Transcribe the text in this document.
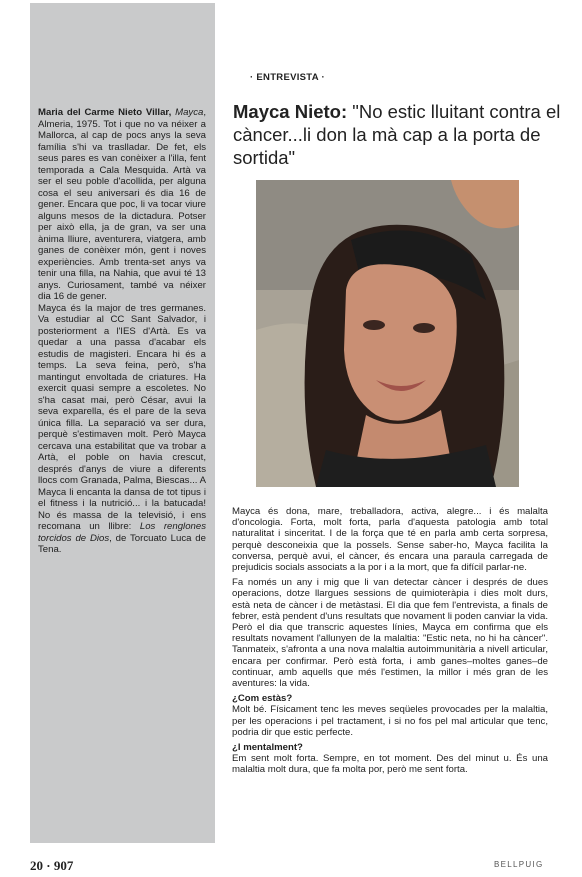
Maria del Carme Nieto Villar, Mayca, Almeria, 1975. Tot i que no va néixer a Mallorca, al cap de pocs anys la seva família s'hi va traslladar. De fet, els seus pares es van conèixer a l'illa, fent temporada a Cala Mesquida. Artà va ser el seu poble d'acollida, per alguna cosa el seu aniversari és dia 16 de gener. Encara que poc, li va tocar viure alguns mesos de la dictadura. Potser per això ella, ja de gran, va ser una ànima lliure, aventurera, viatgera, amb ganes de conèixer món, gent i noves experiències. Amb trenta-set anys va tenir una filla, na Nahia, que avui té 13 anys. Curiosament, també va néixer dia 16 de gener.

Mayca és la major de tres germanes. Va estudiar al CC Sant Salvador, i posteriorment a l'IES d'Artà. Es va quedar a una passa d'acabar els estudis de magisteri. Encara hi és a temps. La seva feina, però, s'ha mantingut envoltada de criatures. Ha exercit quasi sempre a escoletes. No s'ha casat mai, però César, avui la seva exparella, és el pare de la seva única filla. La separació va ser dura, perquè s'estimaven molt. Però Mayca cercava una estabilitat que va trobar a Artà, el poble on havia crescut, després d'anys de viure a diferents llocs com Granada, Palma, Biescas... A Mayca li encanta la dansa de tot tipus i el fitness i la nutrició... i la batucada! No és massa de la televisió, i ens recomana un llibre: Los renglones torcidos de Dios, de Torcuato Luca de Tena.

· ENTREVISTA ·
Mayca Nieto: "No estic lluitant contra el càncer...li don la mà cap a la porta de sortida"

Mayca és dona, mare, treballadora, activa, alegre... i és malalta d'oncologia. Forta, molt forta, parla d'aquesta patologia amb total naturalitat i sinceritat. I de la força que té en parla amb certa sorpresa, perquè desconeixia que la possels. Sense saber-ho, Mayca facilita la conversa, perquè avui, el càncer, és encara una paraula carregada de prejudicis socials associats a la por i a la mort, que fa difícil parlar-ne.

Fa només un any i mig que li van detectar càncer i després de dues operacions, dotze llargues sessions de quimioteràpia i dies molt durs, està neta de càncer i de metàstasi. El dia que fem l'entrevista, a finals de febrer, està pendent d'uns resultats que novament li poden canviar la vida. Però el dia que transcric aquestes línies, Mayca em confirma que els resultats novament l'allunyen de la malaltia: "Estic neta, no hi ha càncer". Tanmateix, s'afronta a una nova malaltia autoimmunitària a nivell articular, encara per confirmar. Però està forta, i amb ganes–moltes ganes–de continuar, amb aquells que més l'estimen, la millor i més gran de les aventures: la vida.

¿Com estàs?

Molt bé. Físicament tenc les meves seqüeles provocades per la malaltia, per les operacions i pel tractament, i si no fos pel mal articular que tenc, podria dir que estic perfecte.

¿I mentalment?

Em sent molt forta. Sempre, en tot moment. Des del minut u. És una malaltia molt dura, que fa molta por, però me sent forta.

20 · 907	BELLPUIG
